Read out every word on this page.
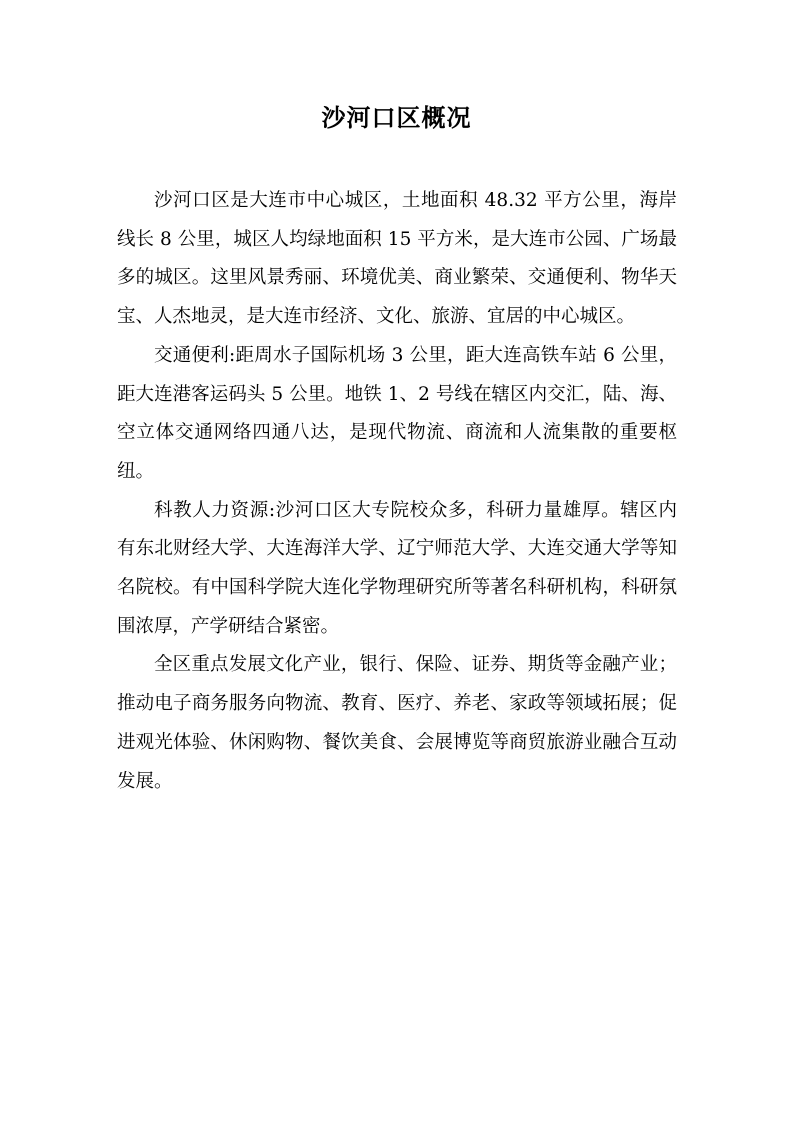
沙河口区概况

沙河口区是大连市中心城区，土地面积 48.32 平方公里，海岸线长 8 公里，城区人均绿地面积 15 平方米，是大连市公园、广场最多的城区。这里风景秀丽、环境优美、商业繁荣、交通便利、物华天宝、人杰地灵，是大连市经济、文化、旅游、宜居的中心城区。

交通便利:距周水子国际机场 3 公里，距大连高铁车站 6 公里，距大连港客运码头 5 公里。地铁 1、2 号线在辖区内交汇，陆、海、空立体交通网络四通八达，是现代物流、商流和人流集散的重要枢纽。

科教人力资源:沙河口区大专院校众多，科研力量雄厚。辖区内有东北财经大学、大连海洋大学、辽宁师范大学、大连交通大学等知名院校。有中国科学院大连化学物理研究所等著名科研机构，科研氛围浓厚，产学研结合紧密。

全区重点发展文化产业，银行、保险、证券、期货等金融产业；推动电子商务服务向物流、教育、医疗、养老、家政等领域拓展；促进观光体验、休闲购物、餐饮美食、会展博览等商贸旅游业融合互动发展。
